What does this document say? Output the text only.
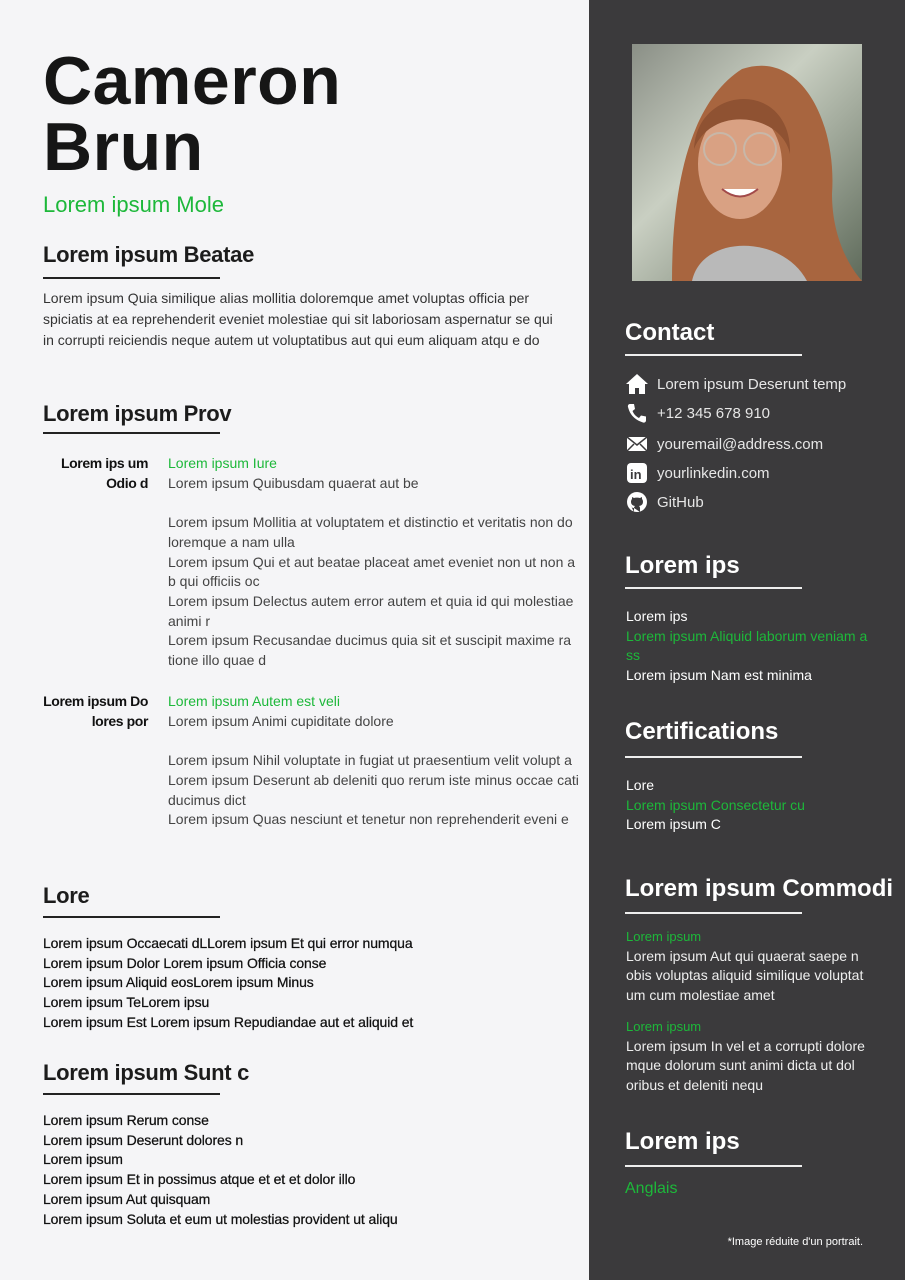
Cameron
Brun
Lorem ipsum Mole
Lorem ipsum Beatae
Lorem ipsum Quia similique alias mollitia doloremque amet voluptas officia per spiciatis at ea reprehenderit eveniet molestiae qui sit laboriosam aspernatur se qui in corrupti reiciendis neque autem ut voluptatibus aut qui eum aliquam atqu e do
Lorem ipsum Prov
Lorem ips um Odio d
Lorem ipsum Iure
Lorem ipsum Quibusdam quaerat aut be
Lorem ipsum Mollitia at voluptatem et distinctio et veritatis non do loremque a nam ulla
Lorem ipsum Qui et aut beatae placeat amet eveniet non ut non a b qui officiis oc
Lorem ipsum Delectus autem error autem et quia id qui molestiae animi r
Lorem ipsum Recusandae ducimus quia sit et suscipit maxime ra tione illo quae d
Lorem ipsum Do lores por
Lorem ipsum Autem est veli
Lorem ipsum Animi cupiditate dolore
Lorem ipsum Nihil voluptate in fugiat ut praesentium velit volupt a
Lorem ipsum Deserunt ab deleniti quo rerum iste minus occae cati ducimus dict
Lorem ipsum Quas nesciunt et tenetur non reprehenderit eveni e
Lore
Lorem ipsum Occaecati dLLorem ipsum Et qui error numqua
Lorem ipsum Dolor Lorem ipsum Officia conse
Lorem ipsum Aliquid eosLorem ipsum Minus
Lorem ipsum TeLorem ipsu
Lorem ipsum Est Lorem ipsum Repudiandae aut et aliquid et
Lorem ipsum Sunt c
Lorem ipsum Rerum conse
Lorem ipsum Deserunt dolores n
Lorem ipsum
Lorem ipsum Et in possimus atque et et et dolor illo
Lorem ipsum Aut quisquam
Lorem ipsum Soluta et eum ut molestias provident ut aliqu
Contact
Lorem ipsum Deserunt temp
+12 345 678 910
youremail@address.com
in yourlinkedin.com
GitHub
Lorem ips
Lorem ips
Lorem ipsum Aliquid laborum veniam a ss
Lorem ipsum Nam est minima
Certifications
Lore
Lorem ipsum Consectetur cu
Lorem ipsum C
Lorem ipsum Commodi
Lorem ipsum
Lorem ipsum Aut qui quaerat saepe n obis voluptas aliquid similique voluptat um cum molestiae amet
Lorem ipsum
Lorem ipsum In vel et a corrupti dolore mque dolorum sunt animi dicta ut dol oribus et deleniti nequ
Lorem ips
Anglais
*Image réduite d'un portrait.
